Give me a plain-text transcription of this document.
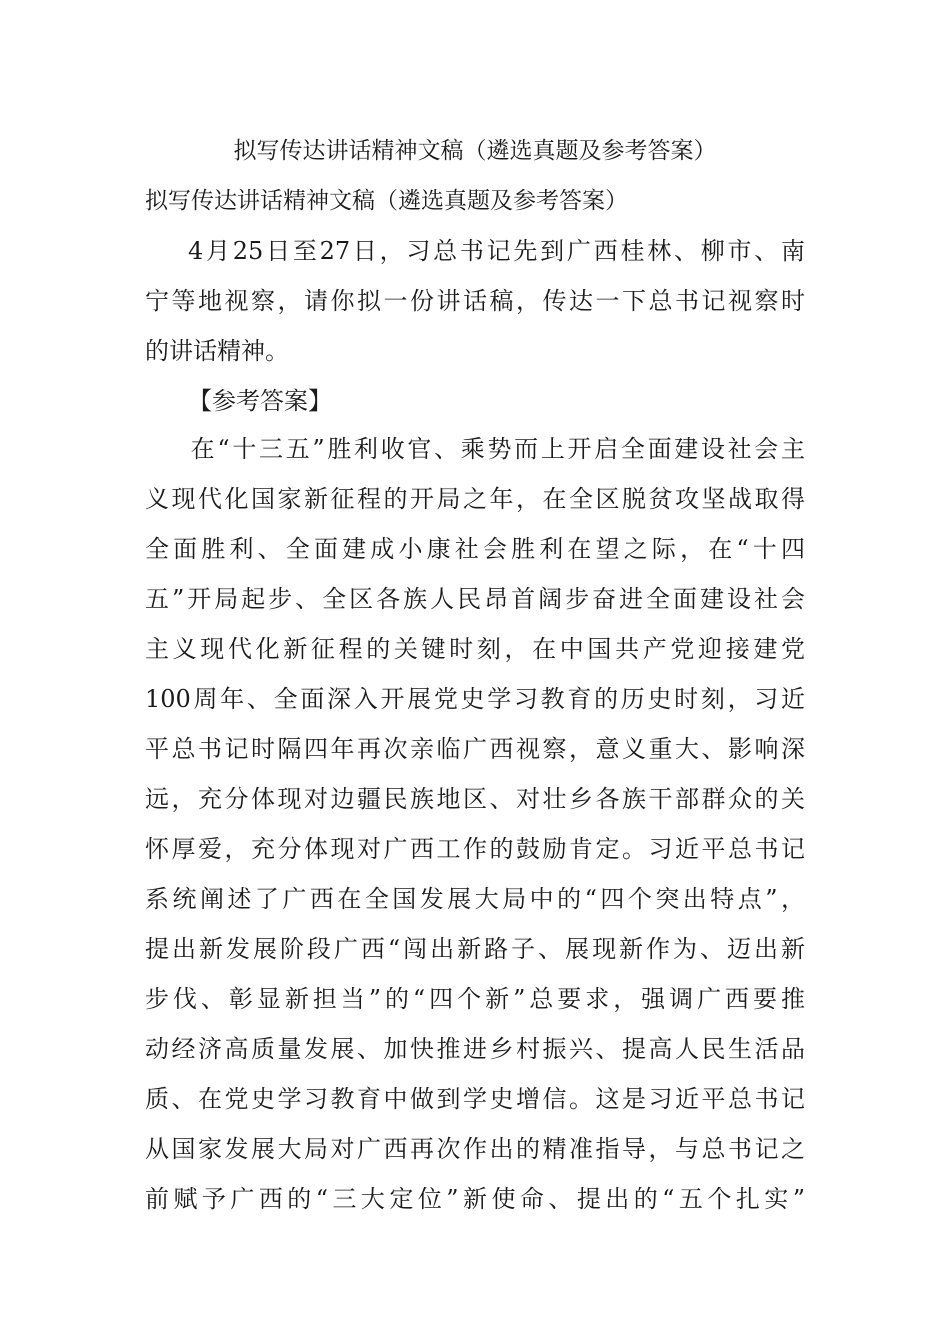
拟写传达讲话精神文稿（遴选真题及参考答案）
拟写传达讲话精神文稿（遴选真题及参考答案）
4月25日至27日，习总书记先到广西桂林、柳市、南
宁等地视察，请你拟一份讲话稿，传达一下总书记视察时
的讲话精神。
【参考答案】
在“十三五”胜利收官、乘势而上开启全面建设社会主
义现代化国家新征程的开局之年，在全区脱贫攻坚战取得
全面胜利、全面建成小康社会胜利在望之际，在“十四
五”开局起步、全区各族人民昂首阔步奋进全面建设社会
主义现代化新征程的关键时刻，在中国共产党迎接建党
100周年、全面深入开展党史学习教育的历史时刻，习近
平总书记时隔四年再次亲临广西视察，意义重大、影响深
远，充分体现对边疆民族地区、对壮乡各族干部群众的关
怀厚爱，充分体现对广西工作的鼓励肯定。习近平总书记
系统阐述了广西在全国发展大局中的“四个突出特点”，
提出新发展阶段广西“闯出新路子、展现新作为、迈出新
步伐、彰显新担当”的“四个新”总要求，强调广西要推
动经济高质量发展、加快推进乡村振兴、提高人民生活品
质、在党史学习教育中做到学史增信。这是习近平总书记
从国家发展大局对广西再次作出的精准指导，与总书记之
前赋予广西的“三大定位”新使命、提出的“五个扎实”
